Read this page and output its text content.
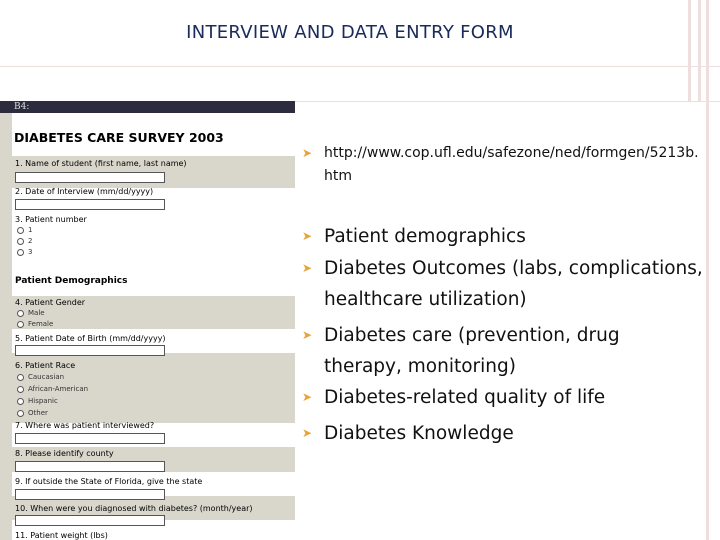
INTERVIEW AND DATA ENTRY FORM
B4:
DIABETES CARE SURVEY 2003
1. Name of student (first name, last name)
2. Date of Interview (mm/dd/yyyy)
3. Patient number
1
2
3
Patient Demographics
4. Patient Gender
Male
Female
5. Patient Date of Birth (mm/dd/yyyy)
6. Patient Race
Caucasian
African-American
Hispanic
Other
7. Where was patient interviewed?
8. Please identify county
9. If outside the State of Florida, give the state
10. When were you diagnosed with diabetes? (month/year)
11. Patient weight (lbs)
➤ http://www.cop.ufl.edu/safezone/ned/formgen/5213b.htm
➤ Patient demographics
➤ Diabetes Outcomes (labs, complications, healthcare utilization)
➤ Diabetes care (prevention, drug therapy, monitoring)
➤ Diabetes-related quality of life
➤ Diabetes Knowledge
